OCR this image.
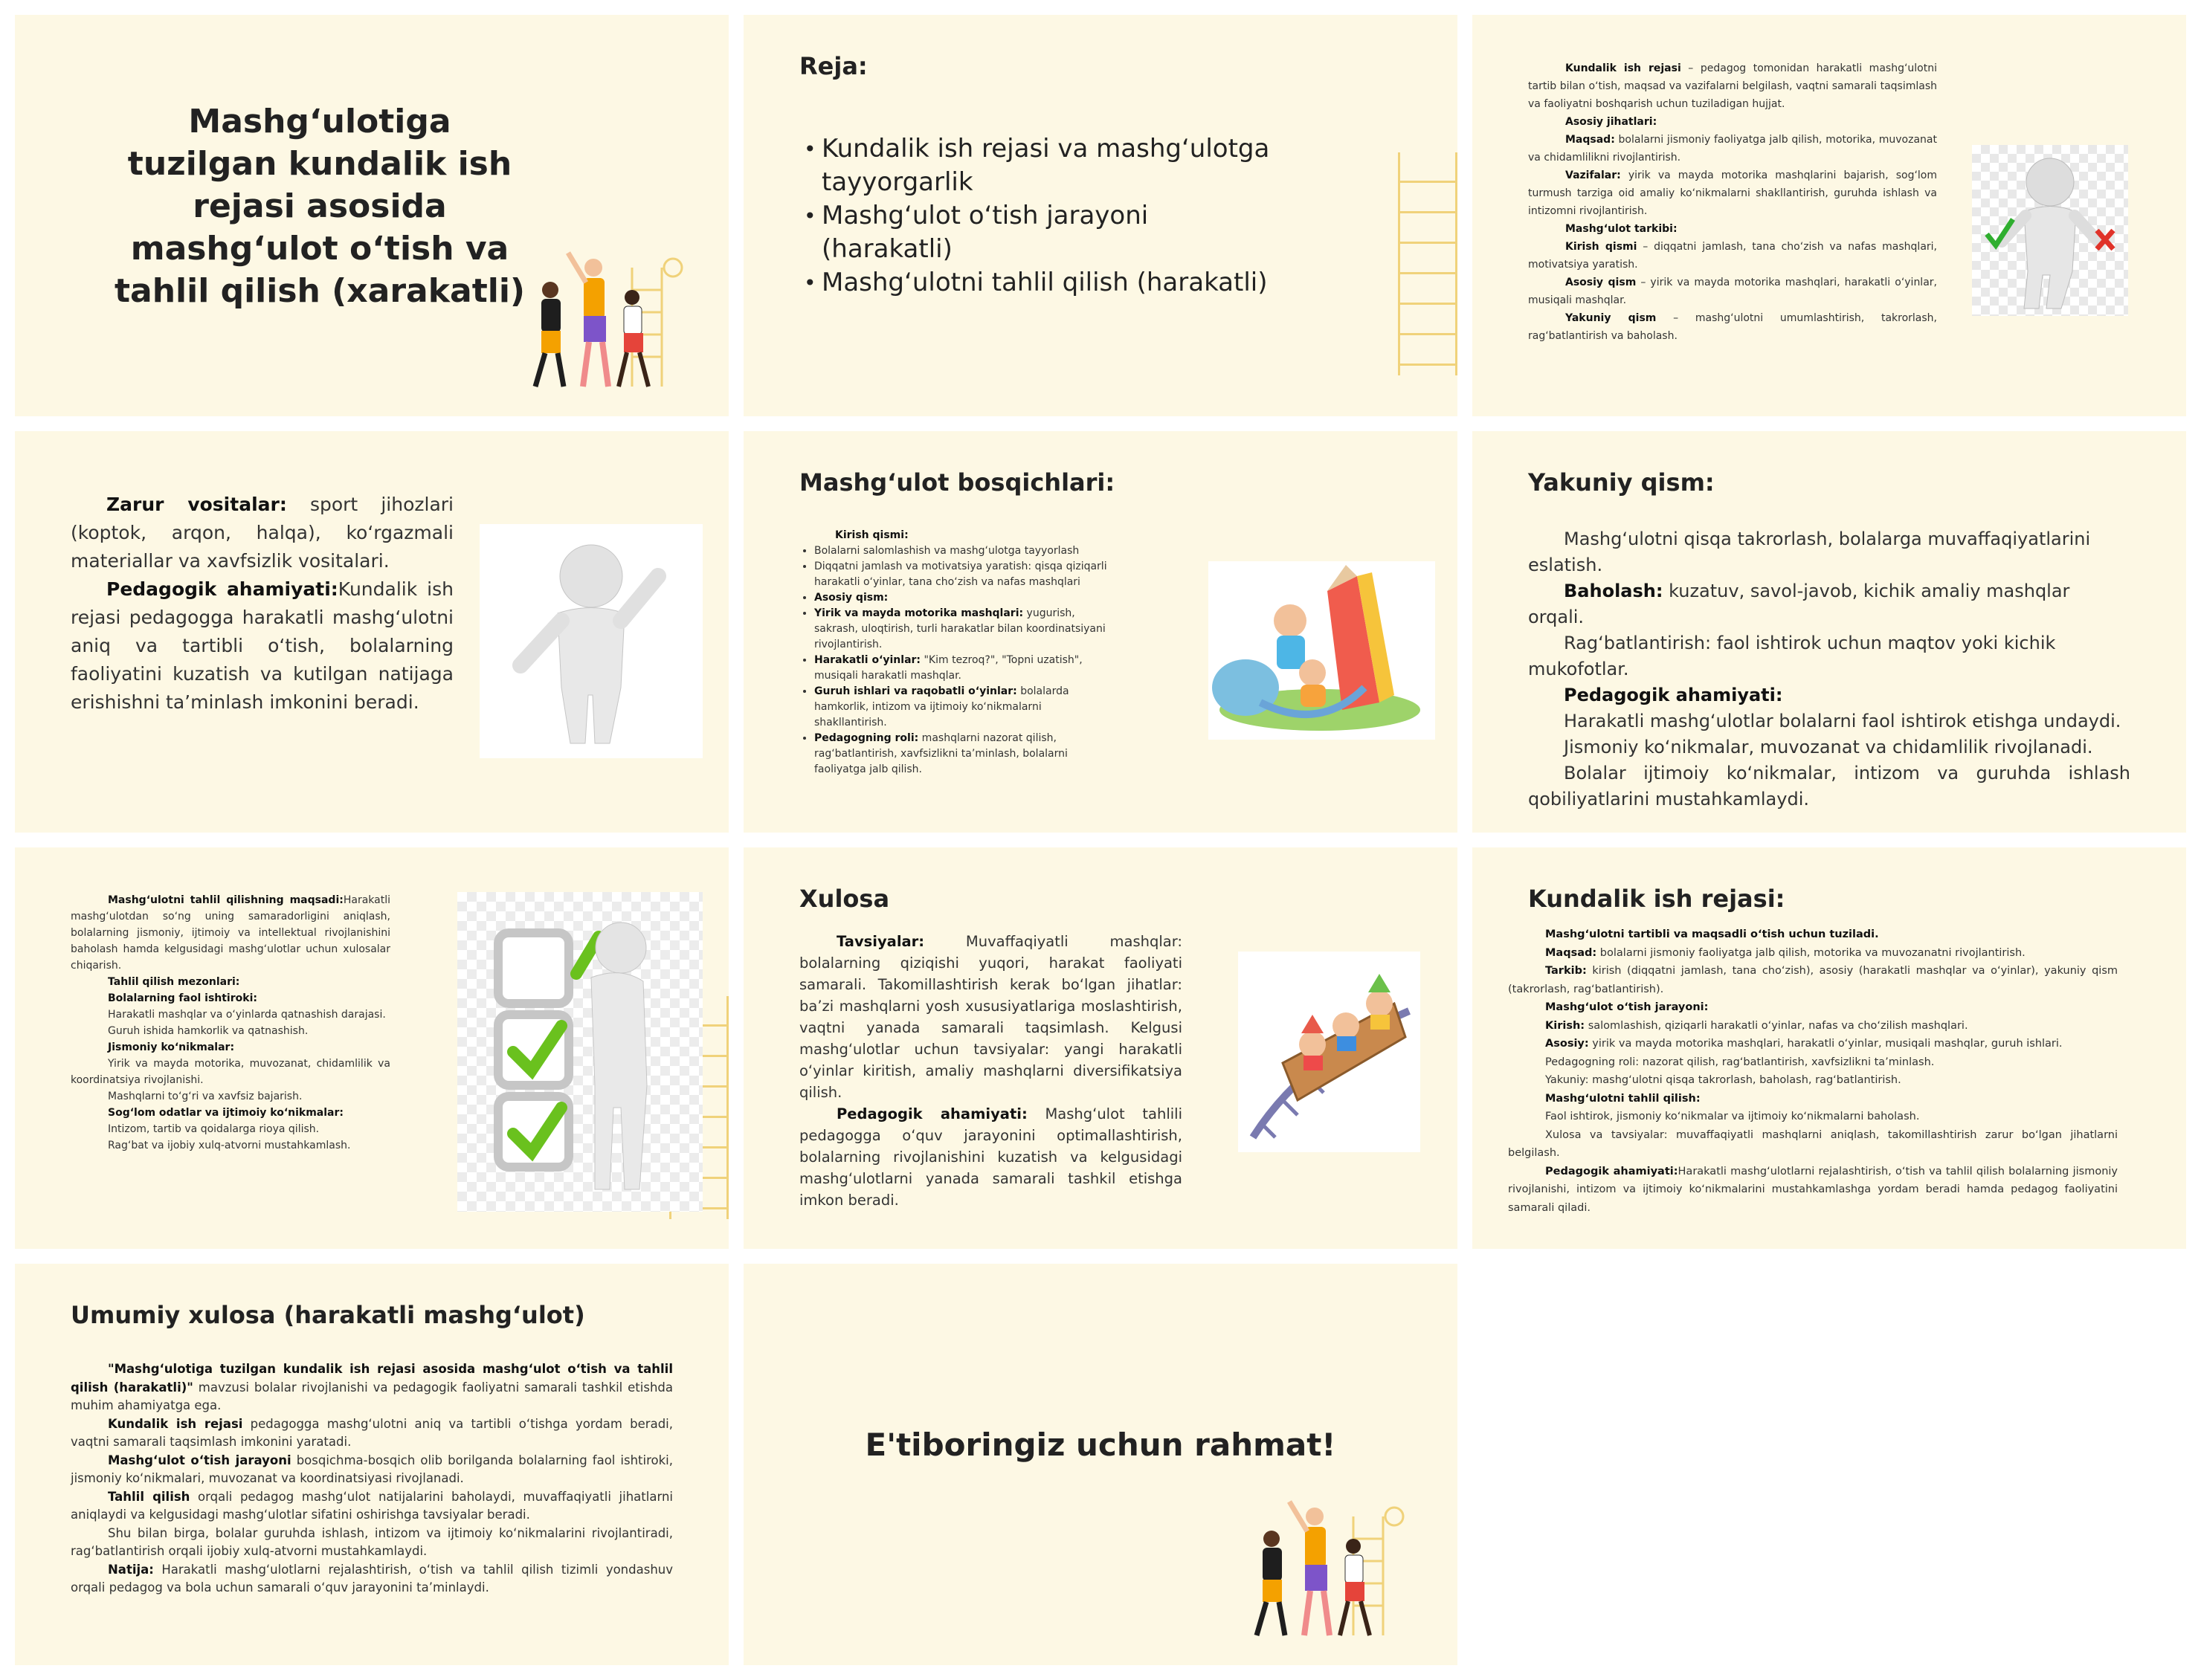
Mashg‘ulotiga tuzilgan kundalik ish rejasi asosida mashg‘ulot o‘tish va tahlil qilish (xarakatli)
Reja:
• Kundalik ish rejasi va mashg‘ulotga tayyorgarlik
• Mashg‘ulot o‘tish jarayoni (harakatli)
• Mashg‘ulotni tahlil qilish (harakatli)

Kundalik ish rejasi – pedagog tomonidan harakatli mashg‘ulotni tartib bilan o‘tish, maqsad va vazifalarni belgilash, vaqtni samarali taqsimlash va faoliyatni boshqarish uchun tuziladigan hujjat.

Asosiy jihatlari:

Maqsad: bolalarni jismoniy faoliyatga jalb qilish, motorika, muvozanat va chidamlilikni rivojlantirish.

Vazifalar: yirik va mayda motorika mashqlarini bajarish, sog‘lom turmush tarziga oid amaliy ko‘nikmalarni shakllantirish, guruhda ishlash va intizomni rivojlantirish.

Mashg‘ulot tarkibi:

Kirish qismi – diqqatni jamlash, tana cho‘zish va nafas mashqlari, motivatsiya yaratish.

Asosiy qism – yirik va mayda motorika mashqlari, harakatli o‘yinlar, musiqali mashqlar.

Yakuniy qism – mashg‘ulotni umumlashtirish, takrorlash, rag‘batlantirish va baholash.

Zarur vositalar: sport jihozlari (koptok, arqon, halqa), ko‘rgazmali materiallar va xavfsizlik vositalari.

Pedagogik ahamiyati:Kundalik ish rejasi pedagogga harakatli mashg‘ulotni aniq va tartibli o‘tish, bolalarning faoliyatini kuzatish va kutilgan natijaga erishishni ta’minlash imkonini beradi.

Mashg‘ulot bosqichlari:
Kirish qismi:
• Bolalarni salomlashish va mashg‘ulotga tayyorlash
• Diqqatni jamlash va motivatsiya yaratish: qisqa qiziqarli harakatli o‘yinlar, tana cho‘zish va nafas mashqlari
• Asosiy qism:
• Yirik va mayda motorika mashqlari: yugurish, sakrash, uloqtirish, turli harakatlar bilan koordinatsiyani rivojlantirish.
• Harakatli o‘yinlar: "Kim tezroq?", "Topni uzatish", musiqali harakatli mashqlar.
• Guruh ishlari va raqobatli o‘yinlar: bolalarda hamkorlik, intizom va ijtimoiy ko‘nikmalarni shakllantirish.
• Pedagogning roli: mashqlarni nazorat qilish, rag‘batlantirish, xavfsizlikni ta’minlash, bolalarni faoliyatga jalb qilish.
Yakuniy qism:

Mashg‘ulotni qisqa takrorlash, bolalarga muvaffaqiyatlarini eslatish.

Baholash: kuzatuv, savol-javob, kichik amaliy mashqlar orqali.

Rag‘batlantirish: faol ishtirok uchun maqtov yoki kichik mukofotlar.

Pedagogik ahamiyati:

Harakatli mashg‘ulotlar bolalarni faol ishtirok etishga undaydi.

Jismoniy ko‘nikmalar, muvozanat va chidamlilik rivojlanadi.

Bolalar ijtimoiy ko‘nikmalar, intizom va guruhda ishlash qobiliyatlarini mustahkamlaydi.

Mashg‘ulotni tahlil qilishning maqsadi:Harakatli mashg‘ulotdan so‘ng uning samaradorligini aniqlash, bolalarning jismoniy, ijtimoiy va intellektual rivojlanishini baholash hamda kelgusidagi mashg‘ulotlar uchun xulosalar chiqarish.

Tahlil qilish mezonlari:

Bolalarning faol ishtiroki:

Harakatli mashqlar va o‘yinlarda qatnashish darajasi.

Guruh ishida hamkorlik va qatnashish.

Jismoniy ko‘nikmalar:

Yirik va mayda motorika, muvozanat, chidamlilik va koordinatsiya rivojlanishi.

Mashqlarni to‘g‘ri va xavfsiz bajarish.

Sog‘lom odatlar va ijtimoiy ko‘nikmalar:

Intizom, tartib va qoidalarga rioya qilish.

Rag‘bat va ijobiy xulq-atvorni mustahkamlash.

Xulosa

Tavsiyalar: Muvaffaqiyatli mashqlar: bolalarning qiziqishi yuqori, harakat faoliyati samarali. Takomillashtirish kerak bo‘lgan jihatlar: ba’zi mashqlarni yosh xususiyatlariga moslashtirish, vaqtni yanada samarali taqsimlash. Kelgusi mashg‘ulotlar uchun tavsiyalar: yangi harakatli o‘yinlar kiritish, amaliy mashqlarni diversifikatsiya qilish.

Pedagogik ahamiyati: Mashg‘ulot tahlili pedagogga o‘quv jarayonini optimallashtirish, bolalarning rivojlanishini kuzatish va kelgusidagi mashg‘ulotlarni yanada samarali tashkil etishga imkon beradi.

Kundalik ish rejasi:

Mashg‘ulotni tartibli va maqsadli o‘tish uchun tuziladi.

Maqsad: bolalarni jismoniy faoliyatga jalb qilish, motorika va muvozanatni rivojlantirish.

Tarkib: kirish (diqqatni jamlash, tana cho‘zish), asosiy (harakatli mashqlar va o‘yinlar), yakuniy qism (takrorlash, rag‘batlantirish).

Mashg‘ulot o‘tish jarayoni:

Kirish: salomlashish, qiziqarli harakatli o‘yinlar, nafas va cho‘zilish mashqlari.

Asosiy: yirik va mayda motorika mashqlari, harakatli o‘yinlar, musiqali mashqlar, guruh ishlari.

Pedagogning roli: nazorat qilish, rag‘batlantirish, xavfsizlikni ta’minlash.

Yakuniy: mashg‘ulotni qisqa takrorlash, baholash, rag‘batlantirish.

Mashg‘ulotni tahlil qilish:

Faol ishtirok, jismoniy ko‘nikmalar va ijtimoiy ko‘nikmalarni baholash.

Xulosa va tavsiyalar: muvaffaqiyatli mashqlarni aniqlash, takomillashtirish zarur bo‘lgan jihatlarni belgilash.

Pedagogik ahamiyati:Harakatli mashg‘ulotlarni rejalashtirish, o‘tish va tahlil qilish bolalarning jismoniy rivojlanishi, intizom va ijtimoiy ko‘nikmalarini mustahkamlashga yordam beradi hamda pedagog faoliyatini samarali qiladi.

Umumiy xulosa (harakatli mashg‘ulot)

"Mashg‘ulotiga tuzilgan kundalik ish rejasi asosida mashg‘ulot o‘tish va tahlil qilish (harakatli)" mavzusi bolalar rivojlanishi va pedagogik faoliyatni samarali tashkil etishda muhim ahamiyatga ega.

Kundalik ish rejasi pedagogga mashg‘ulotni aniq va tartibli o‘tishga yordam beradi, vaqtni samarali taqsimlash imkonini yaratadi.

Mashg‘ulot o‘tish jarayoni bosqichma-bosqich olib borilganda bolalarning faol ishtiroki, jismoniy ko‘nikmalari, muvozanat va koordinatsiyasi rivojlanadi.

Tahlil qilish orqali pedagog mashg‘ulot natijalarini baholaydi, muvaffaqiyatli jihatlarni aniqlaydi va kelgusidagi mashg‘ulotlar sifatini oshirishga tavsiyalar beradi.

Shu bilan birga, bolalar guruhda ishlash, intizom va ijtimoiy ko‘nikmalarini rivojlantiradi, rag‘batlantirish orqali ijobiy xulq-atvorni mustahkamlaydi.

Natija: Harakatli mashg‘ulotlarni rejalashtirish, o‘tish va tahlil qilish tizimli yondashuv orqali pedagog va bola uchun samarali o‘quv jarayonini ta’minlaydi.

E'tiboringiz uchun rahmat!
